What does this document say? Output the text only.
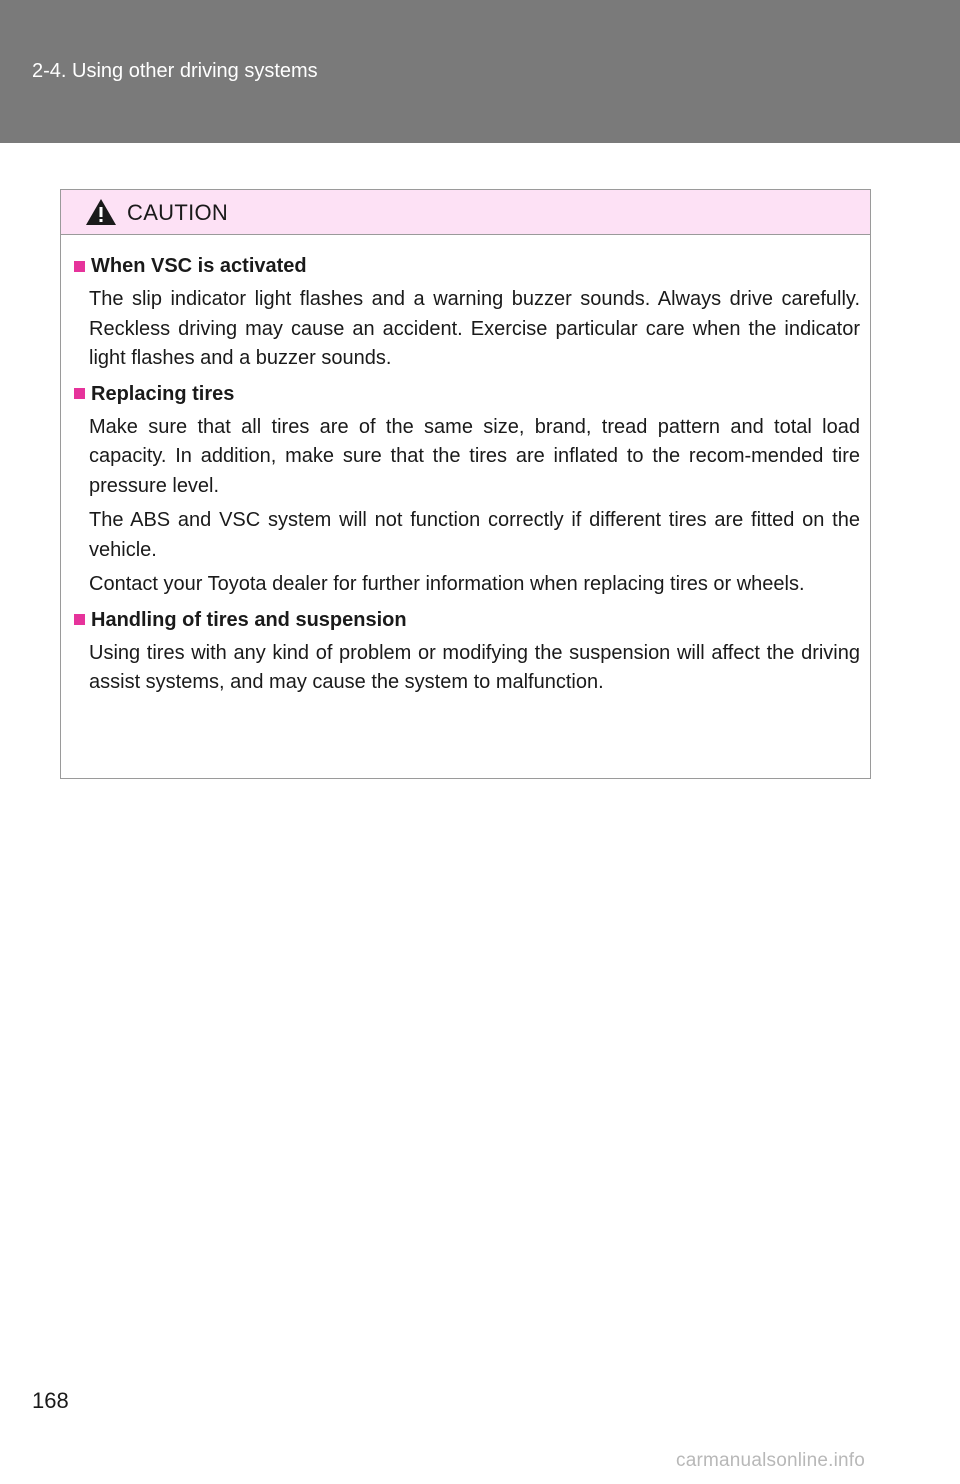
2-4. Using other driving systems
CAUTION
When VSC is activated

The slip indicator light flashes and a warning buzzer sounds. Always drive carefully. Reckless driving may cause an accident. Exercise particular care when the indicator light flashes and a buzzer sounds.

Replacing tires

Make sure that all tires are of the same size, brand, tread pattern and total load capacity. In addition, make sure that the tires are inflated to the recom-mended tire pressure level.

The ABS and VSC system will not function correctly if different tires are fitted on the vehicle.

Contact your Toyota dealer for further information when replacing tires or wheels.

Handling of tires and suspension

Using tires with any kind of problem or modifying the suspension will affect the driving assist systems, and may cause the system to malfunction.

168
carmanualsonline.info
